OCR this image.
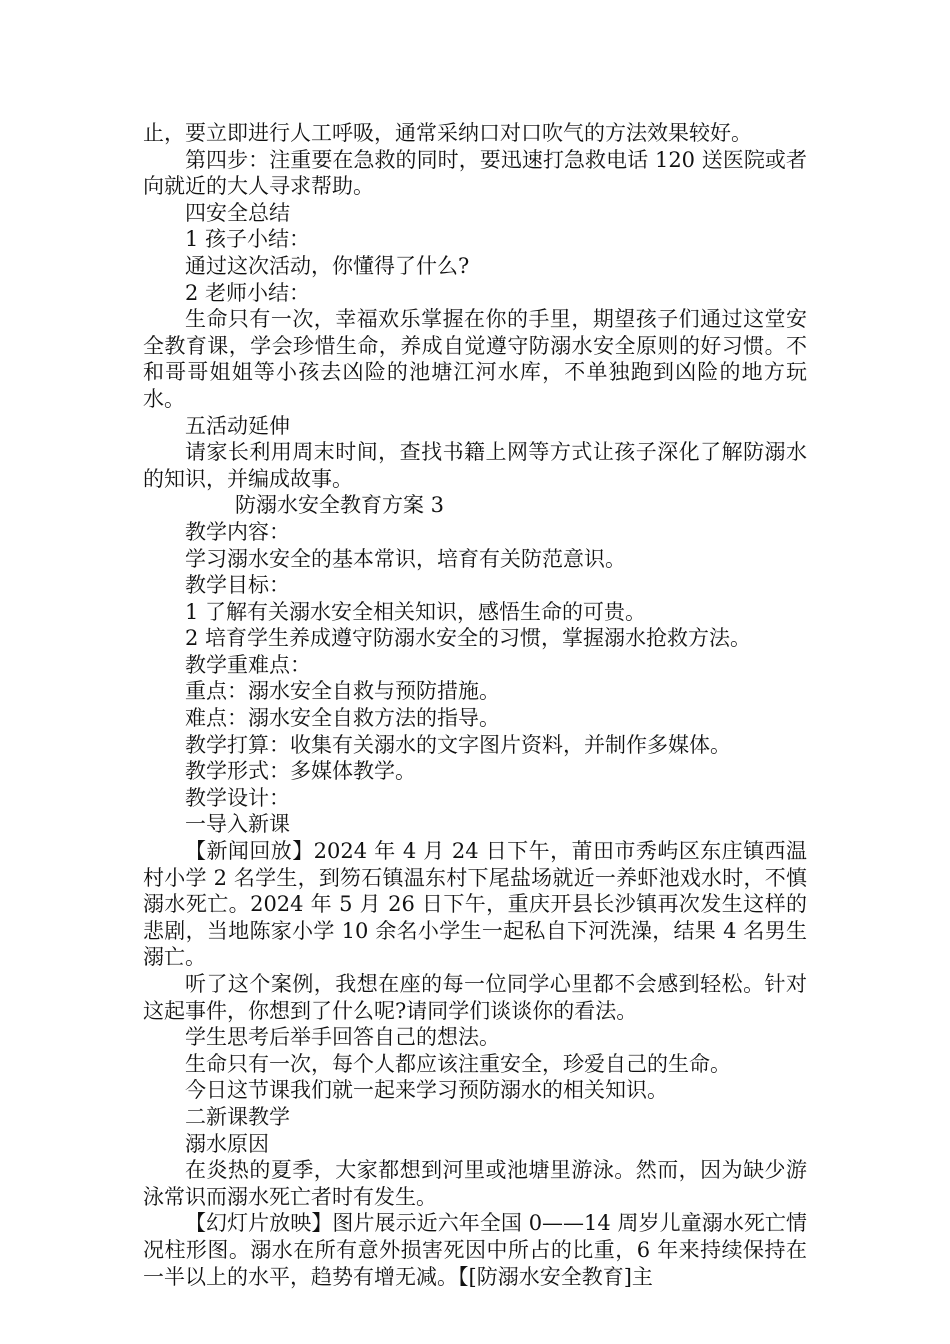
止，要立即进行人工呼吸，通常采纳口对口吹气的方法效果较好。

第四步：注重要在急救的同时，要迅速打急救电话 120 送医院或者向就近的大人寻求帮助。

四安全总结

1 孩子小结：

通过这次活动，你懂得了什么?

2 老师小结：

生命只有一次，幸福欢乐掌握在你的手里，期望孩子们通过这堂安全教育课，学会珍惜生命，养成自觉遵守防溺水安全原则的好习惯。不和哥哥姐姐等小孩去凶险的池塘江河水库，不单独跑到凶险的地方玩水。

五活动延伸

请家长利用周末时间，查找书籍上网等方式让孩子深化了解防溺水的知识，并编成故事。

防溺水安全教育方案 3

教学内容：

学习溺水安全的基本常识，培育有关防范意识。

教学目标：

1 了解有关溺水安全相关知识，感悟生命的可贵。

2 培育学生养成遵守防溺水安全的习惯，掌握溺水抢救方法。

教学重难点：

重点：溺水安全自救与预防措施。

难点：溺水安全自救方法的指导。

教学打算：收集有关溺水的文字图片资料，并制作多媒体。

教学形式：多媒体教学。

教学设计：

一导入新课

【新闻回放】2024 年 4 月 24 日下午，莆田市秀屿区东庄镇西温村小学 2 名学生，到笏石镇温东村下尾盐场就近一养虾池戏水时，不慎溺水死亡。2024 年 5 月 26 日下午，重庆开县长沙镇再次发生这样的悲剧，当地陈家小学 10 余名小学生一起私自下河洗澡，结果 4 名男生溺亡。

听了这个案例，我想在座的每一位同学心里都不会感到轻松。针对这起事件，你想到了什么呢?请同学们谈谈你的看法。

学生思考后举手回答自己的想法。

生命只有一次，每个人都应该注重安全，珍爱自己的生命。

今日这节课我们就一起来学习预防溺水的相关知识。

二新课教学

溺水原因

在炎热的夏季，大家都想到河里或池塘里游泳。然而，因为缺少游泳常识而溺水死亡者时有发生。

【幻灯片放映】图片展示近六年全国 0——14 周岁儿童溺水死亡情况柱形图。溺水在所有意外损害死因中所占的比重，6 年来持续保持在一半以上的水平，趋势有增无减。【[防溺水安全教育]主
